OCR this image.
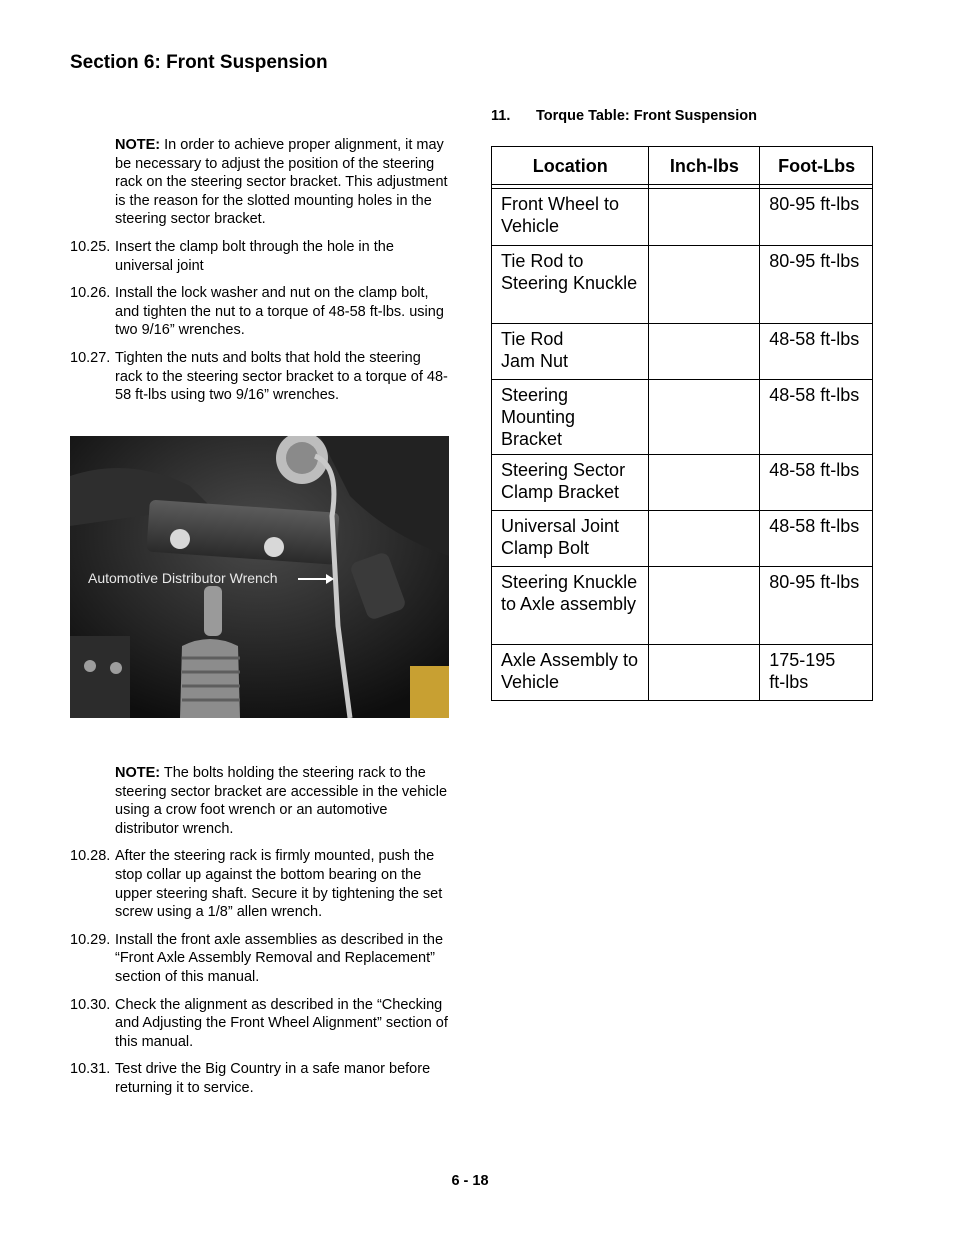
Section 6: Front Suspension

NOTE: In order to achieve proper alignment, it may be necessary to adjust the position of the steering rack on the steering sector bracket. This adjustment is the reason for the slotted mounting holes in the steering sector bracket.

10.25. Insert the clamp bolt through the hole in the universal joint
10.26. Install the lock washer and nut on the clamp bolt, and tighten the nut to a torque of 48-58 ft-lbs. using two 9/16” wrenches.
10.27. Tighten the nuts and bolts that hold the steering rack to the steering sector bracket to a torque of 48-58 ft-lbs using two 9/16” wrenches.
Automotive Distributor Wrench

NOTE: The bolts holding the steering rack to the steering sector bracket are accessible in the vehicle using a crow foot wrench or an automotive distributor wrench.

10.28. After the steering rack is firmly mounted, push the stop collar up against the bottom bearing on the upper steering shaft. Secure it by tightening the set screw using a 1/8” allen wrench.
10.29. Install the front axle assemblies as described in the “Front Axle Assembly Removal and Replacement” section of this manual.
10.30. Check the alignment as described in the “Checking and Adjusting the Front Wheel Alignment” section of this manual.
10.31. Test drive the Big Country in a safe manor before returning it to service.
11.	Torque Table: Front Suspension
Location	Inch-lbs	Foot-Lbs

Front Wheel to Vehicle		80-95 ft-lbs
Tie Rod to Steering Knuckle		80-95 ft-lbs
Tie Rod Jam Nut		48-58 ft-lbs
Steering Mounting Bracket		48-58 ft-lbs
Steering Sector Clamp Bracket		48-58 ft-lbs
Universal Joint Clamp Bolt		48-58 ft-lbs
Steering Knuckle to Axle assembly		80-95 ft-lbs
Axle Assembly to Vehicle		175-195 ft-lbs
6 - 18
